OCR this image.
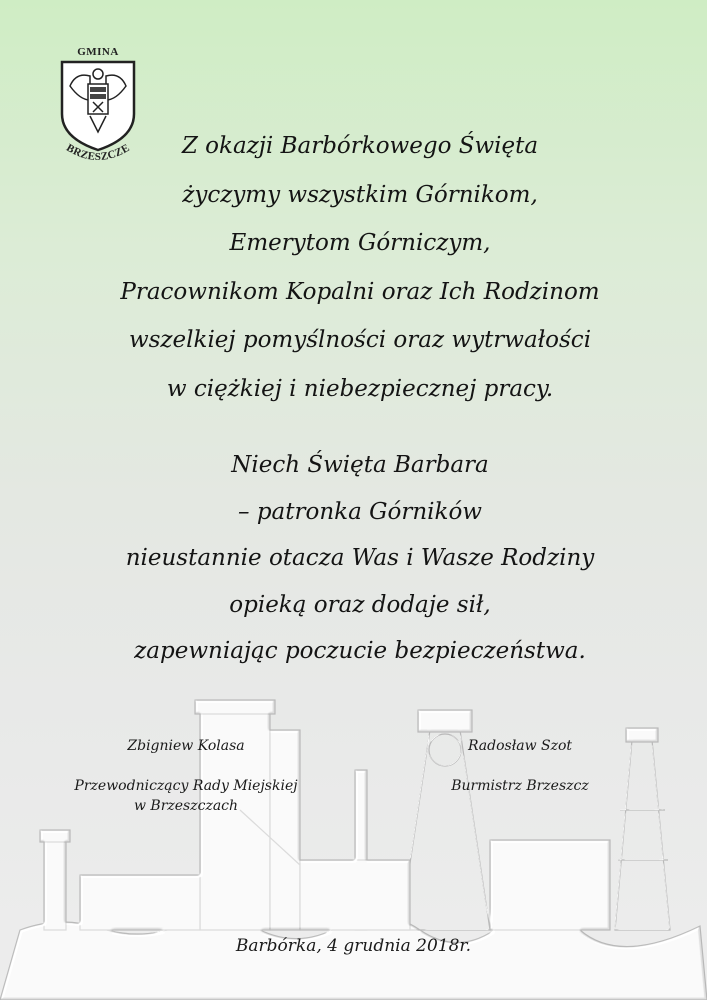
GMINA
BRZESZCZE	Z okazji Barbórkowego Święta

życzymy wszystkim Górnikom,

Emerytom Górniczym,

Pracownikom Kopalni oraz Ich Rodzinom

wszelkiej pomyślności oraz wytrwałości

w ciężkiej i niebezpiecznej pracy.

Niech Święta Barbara

– patronka Górników

nieustannie otacza Was i Wasze Rodziny

opieką oraz dodaje sił,

zapewniając poczucie bezpieczeństwa.

Zbigniew Kolasa
Przewodniczący Rady Miejskiej
w Brzeszczach
Radosław Szot
Burmistrz Brzeszcz
Barbórka, 4 grudnia 2018r.
